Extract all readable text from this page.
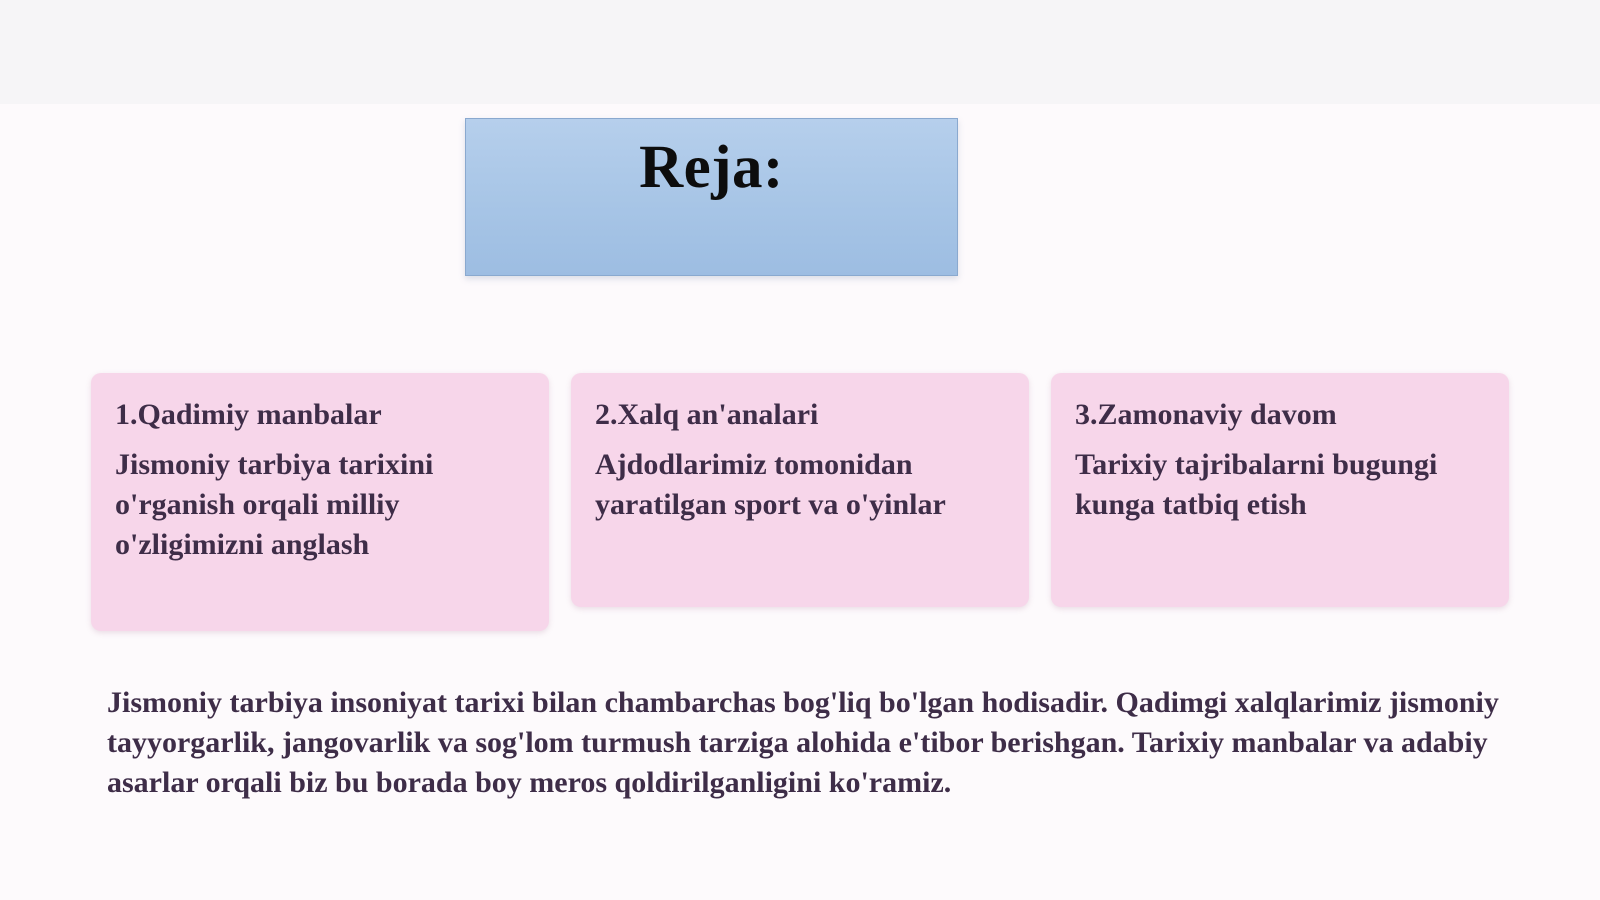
Reja:
1.Qadimiy manbalar
Jismoniy tarbiya tarixini o'rganish orqali milliy o'zligimizni anglash
2.Xalq an'analari
Ajdodlarimiz tomonidan yaratilgan sport va o'yinlar
3.Zamonaviy davom
Tarixiy tajribalarni bugungi kunga tatbiq etish
Jismoniy tarbiya insoniyat tarixi bilan chambarchas bog'liq bo'lgan hodisadir. Qadimgi xalqlarimiz jismoniy tayyorgarlik, jangovarlik va sog'lom turmush tarziga alohida e'tibor berishgan. Tarixiy manbalar va adabiy asarlar orqali biz bu borada boy meros qoldirilganligini ko'ramiz.
